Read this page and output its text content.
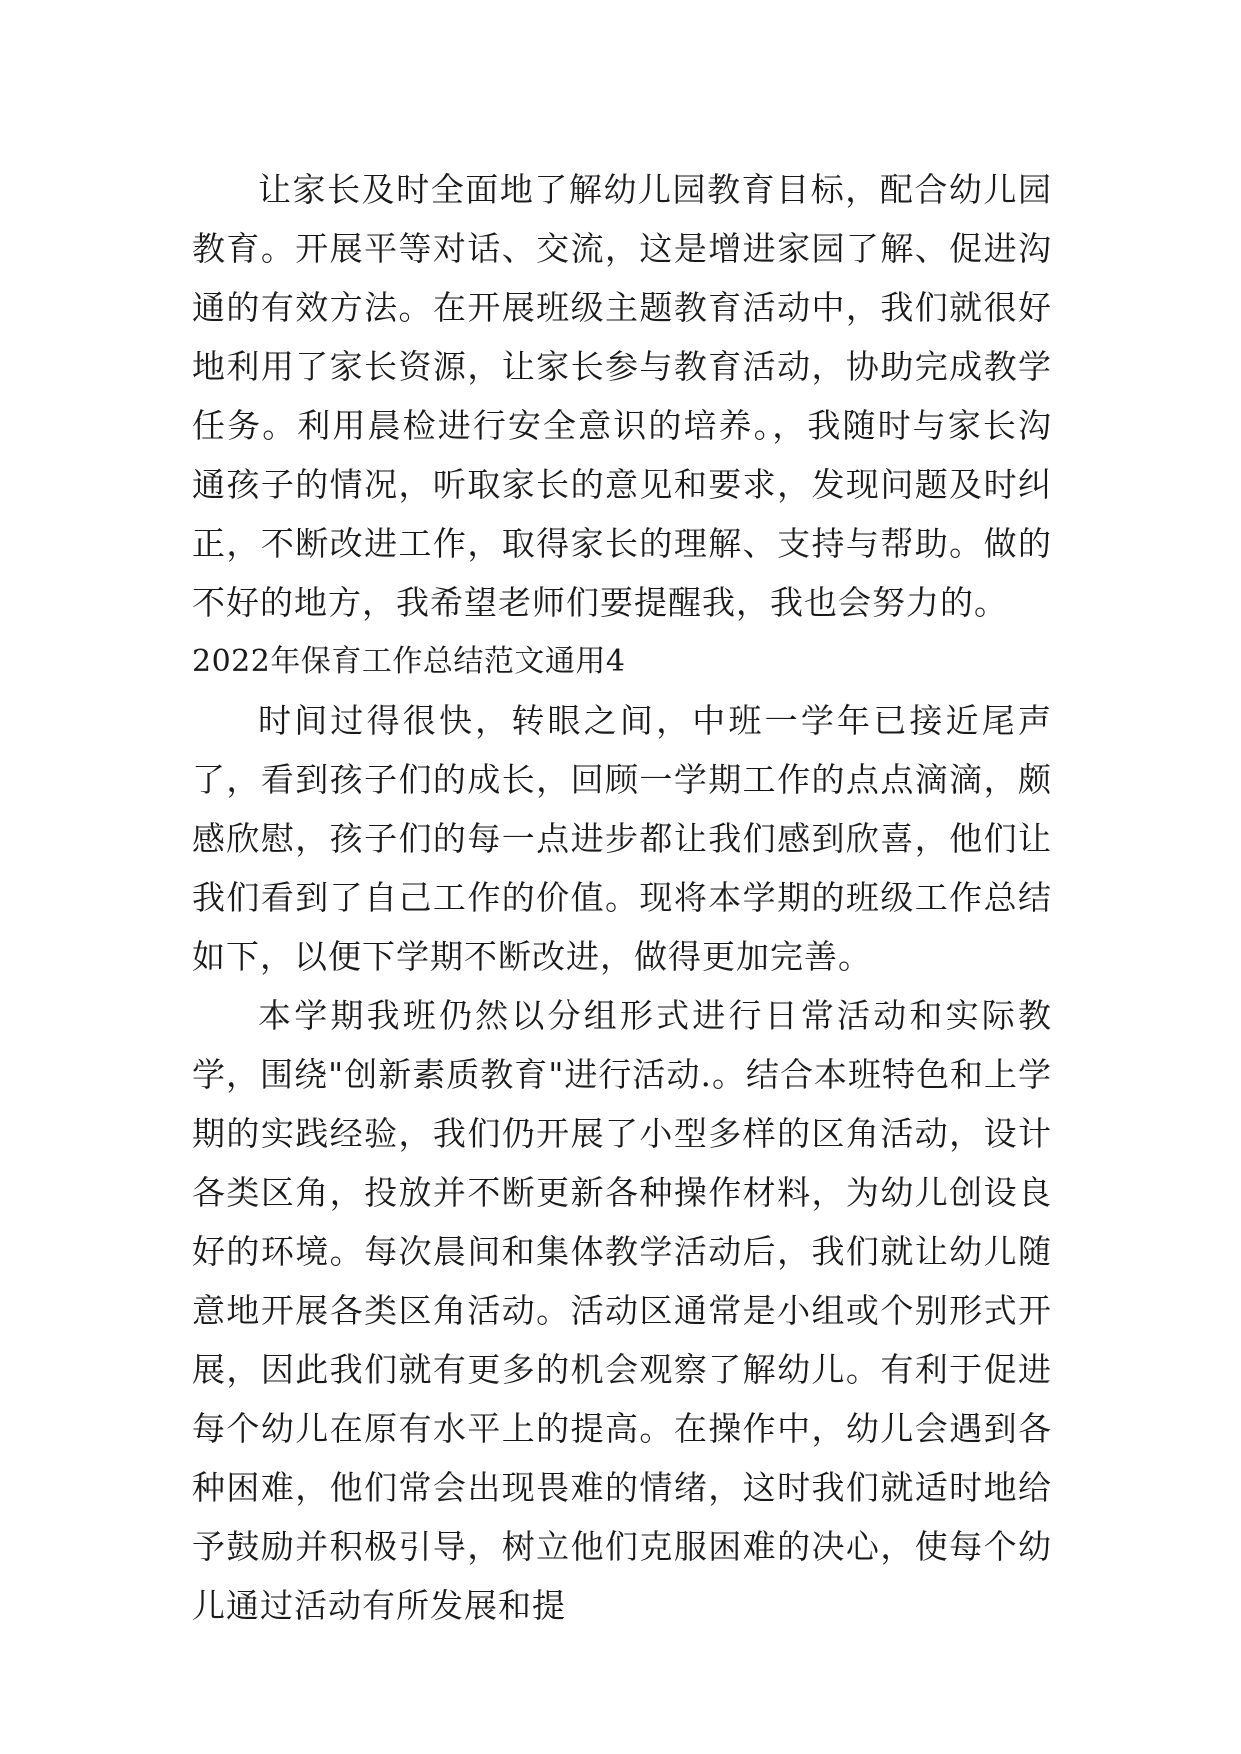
让家长及时全面地了解幼儿园教育目标，配合幼儿园教育。开展平等对话、交流，这是增进家园了解、促进沟通的有效方法。在开展班级主题教育活动中，我们就很好地利用了家长资源，让家长参与教育活动，协助完成教学任务。利用晨检进行安全意识的培养。，我随时与家长沟通孩子的情况，听取家长的意见和要求，发现问题及时纠正，不断改进工作，取得家长的理解、支持与帮助。做的不好的地方，我希望老师们要提醒我，我也会努力的。

2022年保育工作总结范文通用4

时间过得很快，转眼之间，中班一学年已接近尾声了，看到孩子们的成长，回顾一学期工作的点点滴滴，颇感欣慰，孩子们的每一点进步都让我们感到欣喜，他们让我们看到了自己工作的价值。现将本学期的班级工作总结如下，以便下学期不断改进，做得更加完善。

本学期我班仍然以分组形式进行日常活动和实际教学，围绕"创新素质教育"进行活动.。结合本班特色和上学期的实践经验，我们仍开展了小型多样的区角活动，设计各类区角，投放并不断更新各种操作材料，为幼儿创设良好的环境。每次晨间和集体教学活动后，我们就让幼儿随意地开展各类区角活动。活动区通常是小组或个别形式开展，因此我们就有更多的机会观察了解幼儿。有利于促进每个幼儿在原有水平上的提高。在操作中，幼儿会遇到各种困难，他们常会出现畏难的情绪，这时我们就适时地给予鼓励并积极引导，树立他们克服困难的决心，使每个幼儿通过活动有所发展和提
